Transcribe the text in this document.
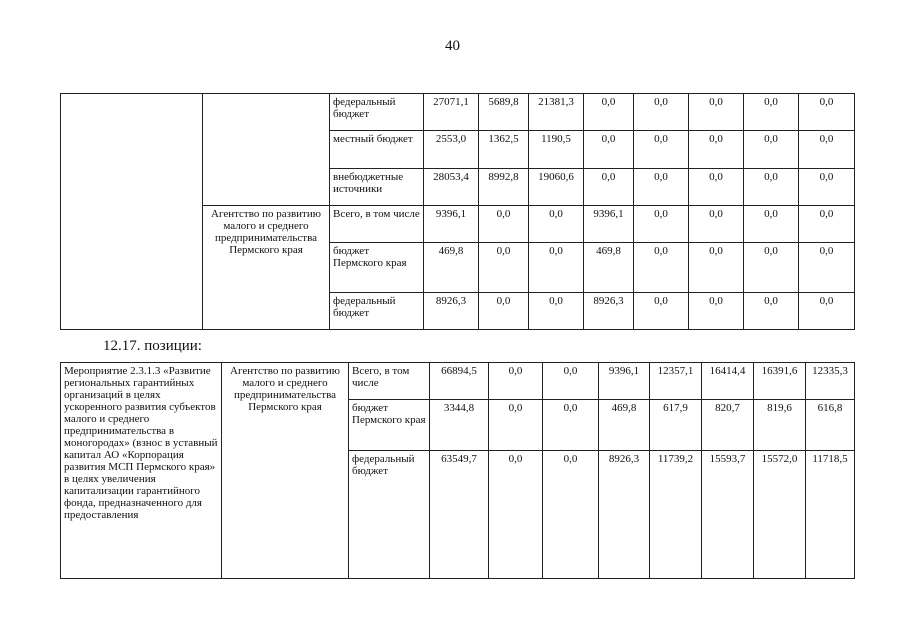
40
		федеральный бюджет	27071,1	5689,8	21381,3	0,0	0,0	0,0	0,0	0,0
		местный бюджет	2553,0	1362,5	1190,5	0,0	0,0	0,0	0,0	0,0
		внебюджетные источники	28053,4	8992,8	19060,6	0,0	0,0	0,0	0,0	0,0
	Агентство по развитию малого и среднего предпринимательства Пермского края	Всего, в том числе	9396,1	0,0	0,0	9396,1	0,0	0,0	0,0	0,0
		бюджет Пермского края	469,8	0,0	0,0	469,8	0,0	0,0	0,0	0,0
		федеральный бюджет	8926,3	0,0	0,0	8926,3	0,0	0,0	0,0	0,0
12.17. позиции:
Мероприятие 2.3.1.3 «Развитие региональных гарантийных организаций в целях ускоренного развития субъектов малого и среднего предпринимательства в моногородах» (взнос в уставный капитал АО «Корпорация развития МСП Пермского края» в целях увеличения капитализации гарантийного фонда, предназначенного для предоставления	Агентство по развитию малого и среднего предпринимательства Пермского края	Всего, в том числе	66894,5	0,0	0,0	9396,1	12357,1	16414,4	16391,6	12335,3
		бюджет Пермского края	3344,8	0,0	0,0	469,8	617,9	820,7	819,6	616,8
		федеральный бюджет	63549,7	0,0	0,0	8926,3	11739,2	15593,7	15572,0	11718,5
